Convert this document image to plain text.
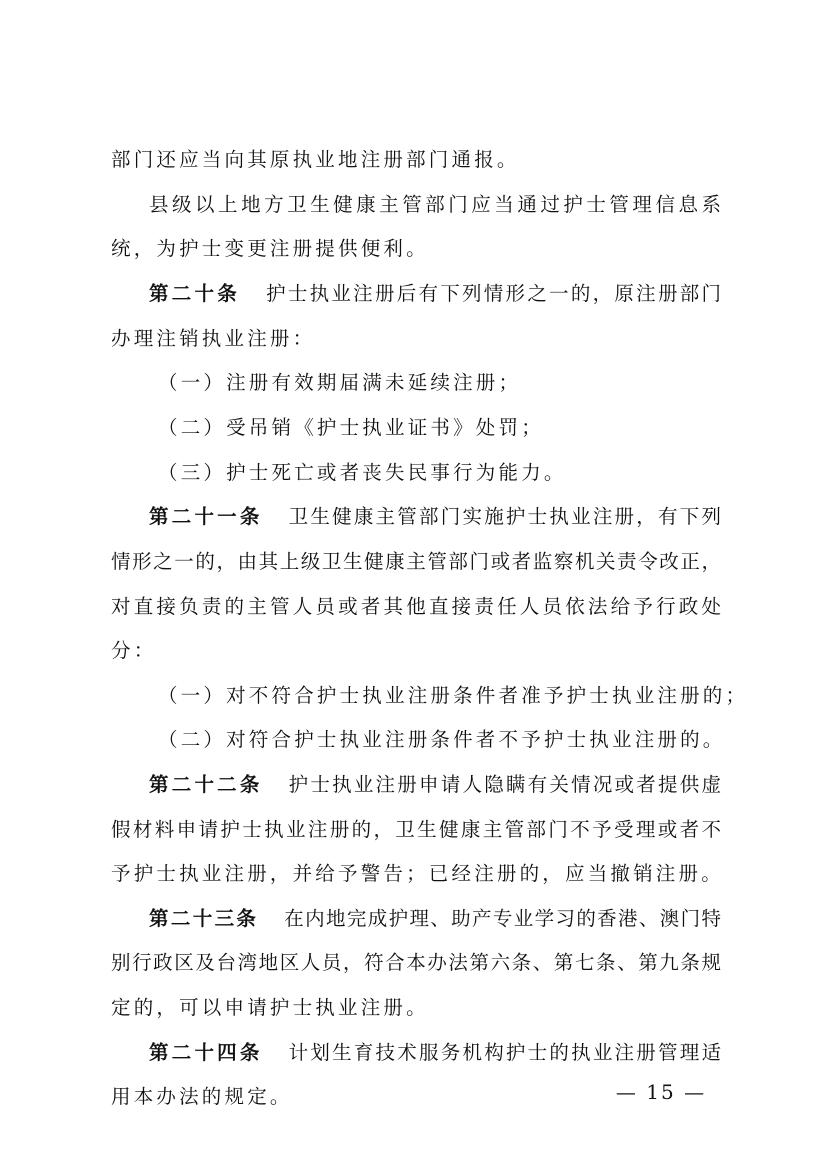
部门还应当向其原执业地注册部门通报。
县级以上地方卫生健康主管部门应当通过护士管理信息系
统，为护士变更注册提供便利。
第二十条 护士执业注册后有下列情形之一的，原注册部门
办理注销执业注册：
（一）注册有效期届满未延续注册；
（二）受吊销《护士执业证书》处罚；
（三）护士死亡或者丧失民事行为能力。
第二十一条 卫生健康主管部门实施护士执业注册，有下列
情形之一的，由其上级卫生健康主管部门或者监察机关责令改正，
对直接负责的主管人员或者其他直接责任人员依法给予行政处
分：
（一）对不符合护士执业注册条件者准予护士执业注册的；
（二）对符合护士执业注册条件者不予护士执业注册的。
第二十二条 护士执业注册申请人隐瞒有关情况或者提供虚
假材料申请护士执业注册的，卫生健康主管部门不予受理或者不
予护士执业注册，并给予警告；已经注册的，应当撤销注册。
第二十三条 在内地完成护理、助产专业学习的香港、澳门特
别行政区及台湾地区人员，符合本办法第六条、第七条、第九条规
定的，可以申请护士执业注册。
第二十四条 计划生育技术服务机构护士的执业注册管理适
用本办法的规定。	— 15 —
